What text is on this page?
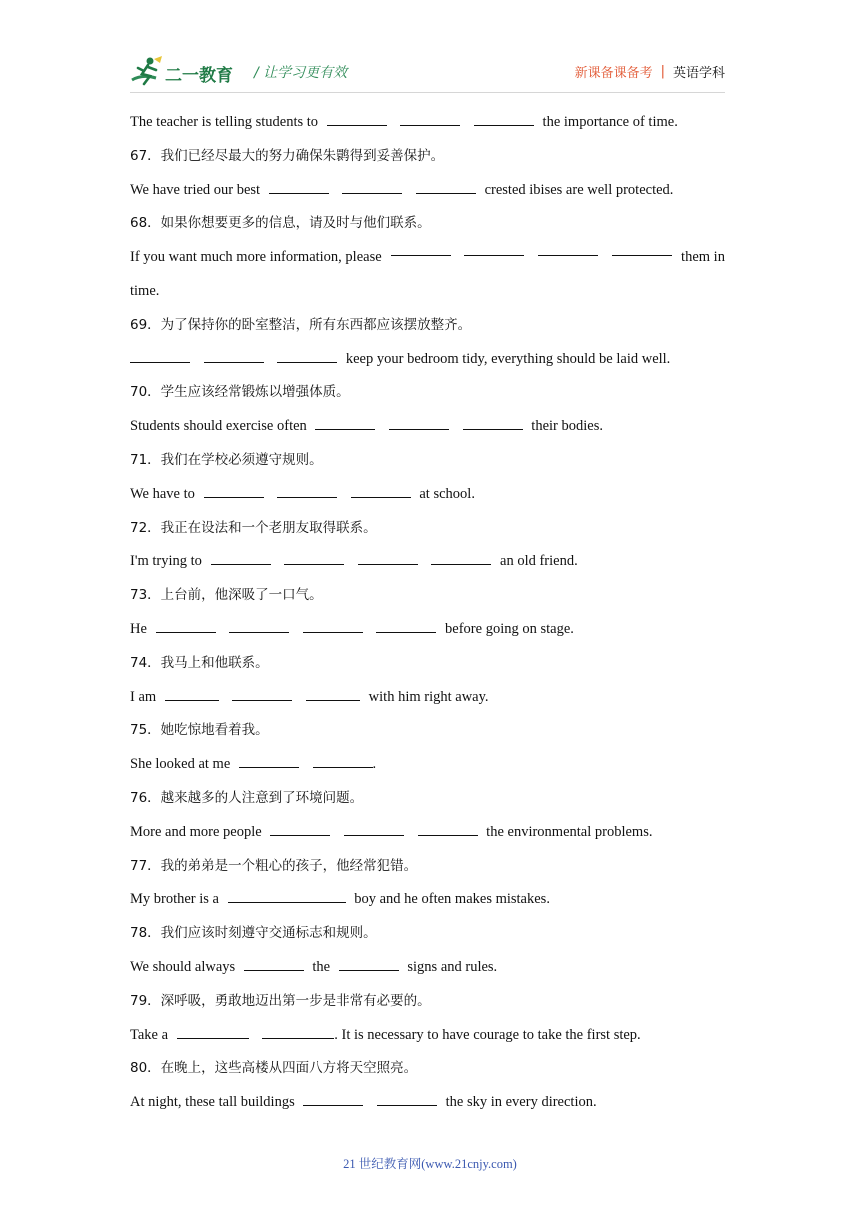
二一教育 / 让学习更有效	新课备课备考 | 英语学科
The teacher is telling students to	the importance of time.
67．我们已经尽最大的努力确保朱鹮得到妥善保护。
We have tried our best	crested ibises are well protected.
68．如果你想要更多的信息，请及时与他们联系。
If you want much more information, please	them in
time.
69．为了保持你的卧室整洁，所有东西都应该摆放整齐。
keep your bedroom tidy, everything should be laid well.
70．学生应该经常锻炼以增强体质。
Students should exercise often	their bodies.
71．我们在学校必须遵守规则。
We have to	at school.
72．我正在设法和一个老朋友取得联系。
I'm trying to	an old friend.
73．上台前，他深吸了一口气。
He	before going on stage.
74．我马上和他联系。
I am	with him right away.
75．她吃惊地看着我。
She looked at me	.
76．越来越多的人注意到了环境问题。
More and more people	the environmental problems.
77．我的弟弟是一个粗心的孩子，他经常犯错。
My brother is a	boy and he often makes mistakes.
78．我们应该时刻遵守交通标志和规则。
We should always	the	signs and rules.
79．深呼吸，勇敢地迈出第一步是非常有必要的。
Take a	. It is necessary to have courage to take the first step.
80．在晚上，这些高楼从四面八方将天空照亮。
At night, these tall buildings	the sky in every direction.
21 世纪教育网(www.21cnjy.com)
